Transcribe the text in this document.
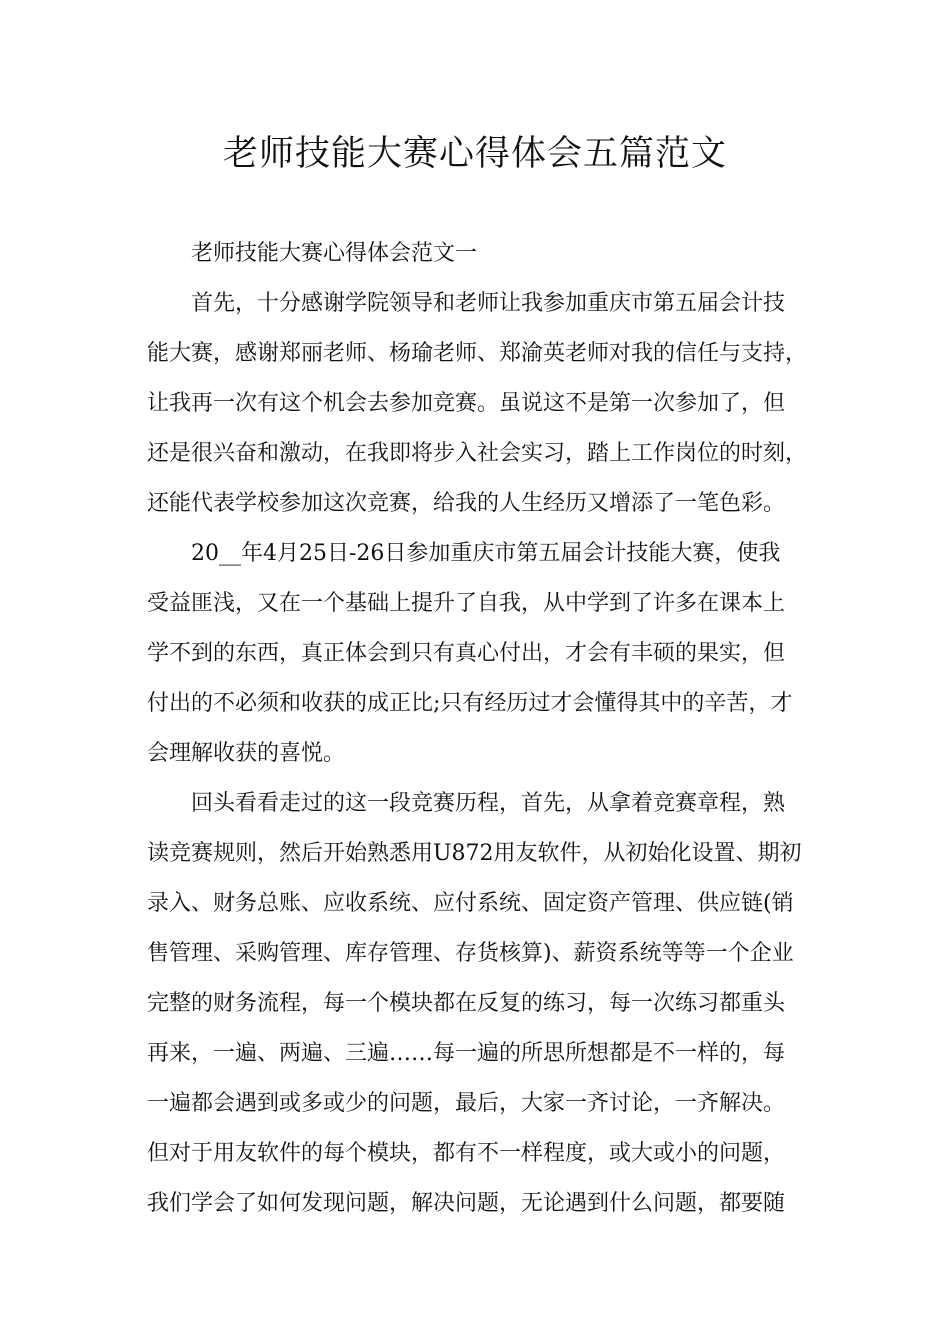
老师技能大赛心得体会五篇范文
老师技能大赛心得体会范文一
首先，十分感谢学院领导和老师让我参加重庆市第五届会计技
能大赛，感谢郑丽老师、杨瑜老师、郑渝英老师对我的信任与支持，
让我再一次有这个机会去参加竞赛。虽说这不是第一次参加了，但
还是很兴奋和激动，在我即将步入社会实习，踏上工作岗位的时刻，
还能代表学校参加这次竞赛，给我的人生经历又增添了一笔色彩。
20__年4月25日-26日参加重庆市第五届会计技能大赛，使我
受益匪浅，又在一个基础上提升了自我，从中学到了许多在课本上
学不到的东西，真正体会到只有真心付出，才会有丰硕的果实，但
付出的不必须和收获的成正比;只有经历过才会懂得其中的辛苦，才
会理解收获的喜悦。
回头看看走过的这一段竞赛历程，首先，从拿着竞赛章程，熟
读竞赛规则，然后开始熟悉用U872用友软件，从初始化设置、期初
录入、财务总账、应收系统、应付系统、固定资产管理、供应链(销
售管理、采购管理、库存管理、存货核算)、薪资系统等等一个企业
完整的财务流程，每一个模块都在反复的练习，每一次练习都重头
再来，一遍、两遍、三遍……每一遍的所思所想都是不一样的，每
一遍都会遇到或多或少的问题，最后，大家一齐讨论，一齐解决。
但对于用友软件的每个模块，都有不一样程度，或大或小的问题，
我们学会了如何发现问题，解决问题，无论遇到什么问题，都要随
